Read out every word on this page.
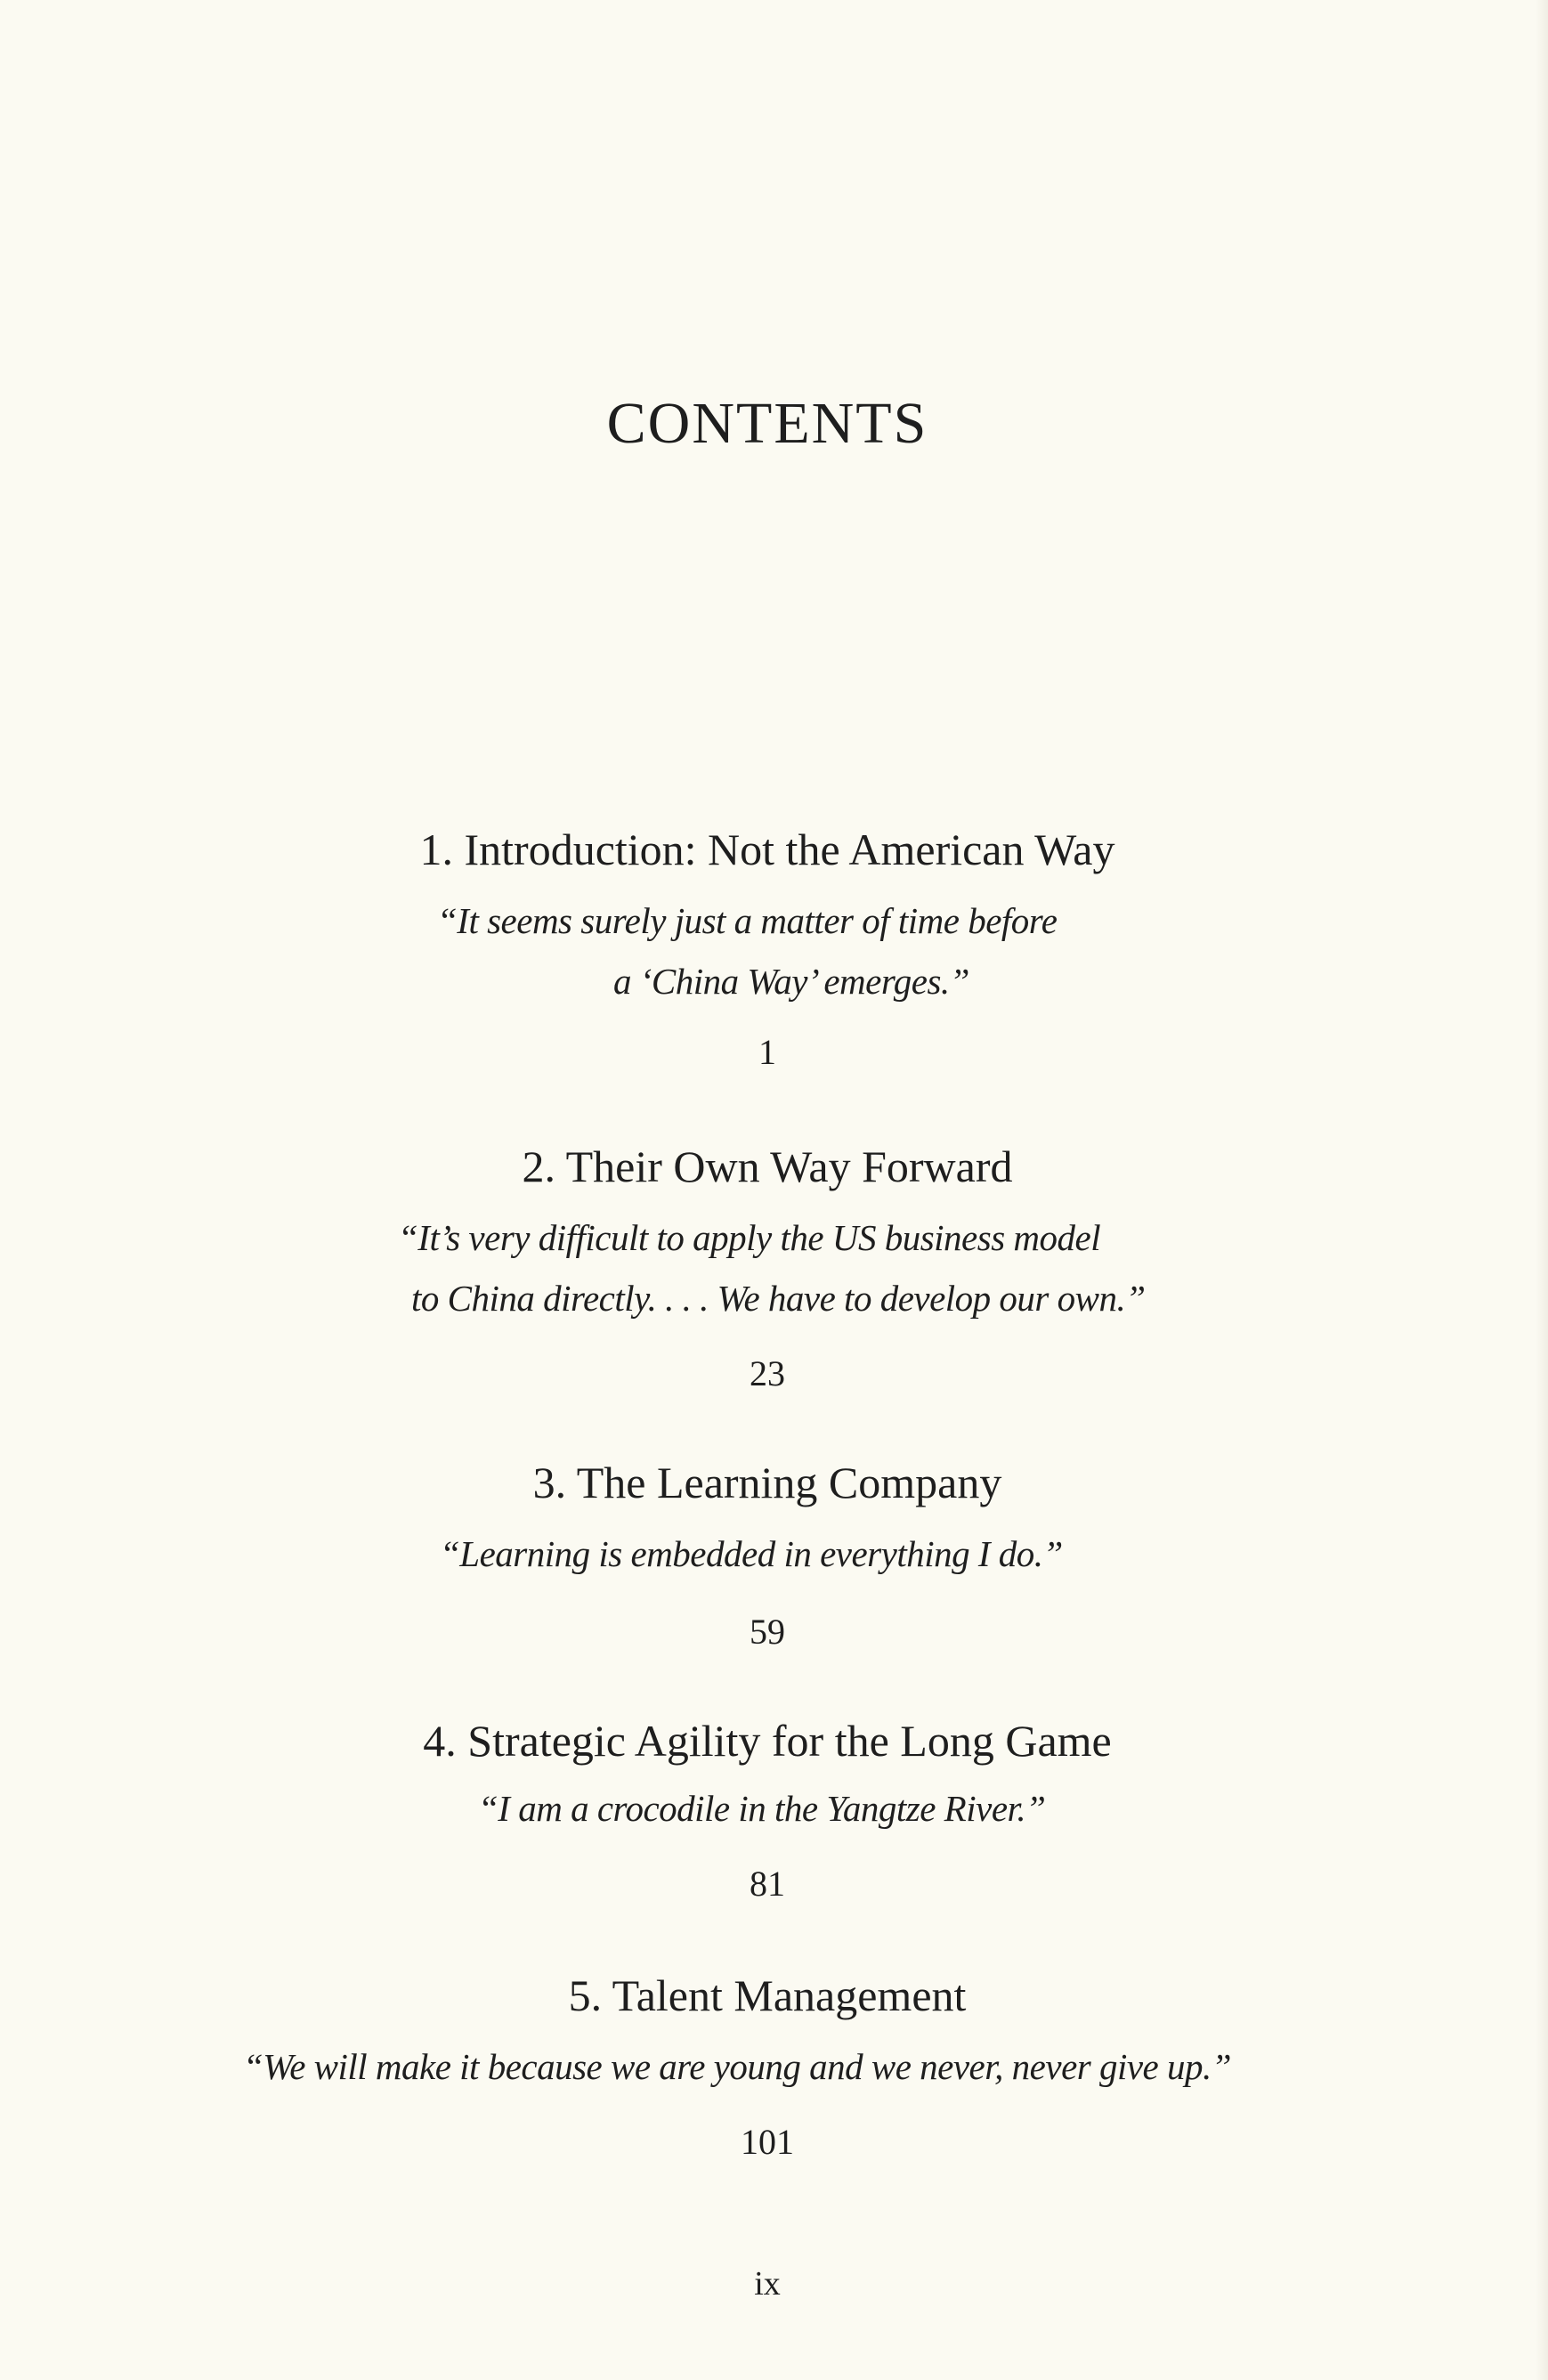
CONTENTS
1. Introduction: Not the American Way
“It seems surely just a matter of time before
a ‘China Way’ emerges.”
1
2. Their Own Way Forward
“It’s very difficult to apply the US business model
to China directly. . . . We have to develop our own.”
23
3. The Learning Company
“Learning is embedded in everything I do.”
59
4. Strategic Agility for the Long Game
“I am a crocodile in the Yangtze River.”
81
5. Talent Management
“We will make it because we are young and we never, never give up.”
101
ix
